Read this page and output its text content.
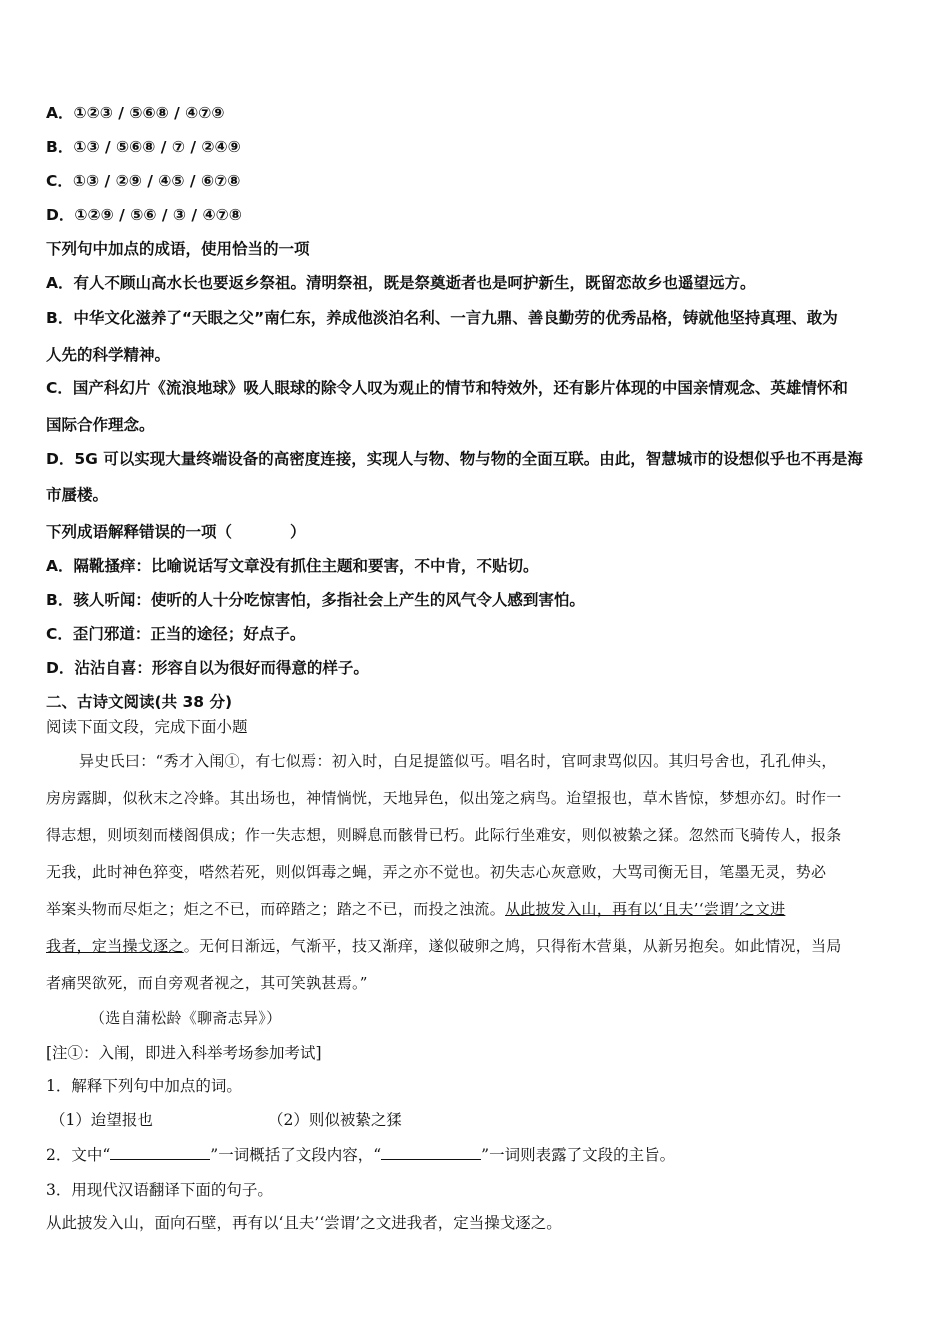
A．①②③ / ⑤⑥⑧ / ④⑦⑨
B．①③ / ⑤⑥⑧ / ⑦ / ②④⑨
C．①③ / ②⑨ / ④⑤ / ⑥⑦⑧
D．①②⑨ / ⑤⑥ / ③ / ④⑦⑧
下列句中加点的成语，使用恰当的一项
A．有人不顾山高水长也要返乡祭祖。清明祭祖，既是祭奠逝者也是呵护新生，既留恋故乡也遥望远方。
B．中华文化滋养了“天眼之父”南仁东，养成他淡泊名利、一言九鼎、善良勤劳的优秀品格，铸就他坚持真理、敢为
人先的科学精神。
C．国产科幻片《流浪地球》吸人眼球的除令人叹为观止的情节和特效外，还有影片体现的中国亲情观念、英雄情怀和
国际合作理念。
D．5G 可以实现大量终端设备的高密度连接，实现人与物、物与物的全面互联。由此，智慧城市的设想似乎也不再是海
市蜃楼。
下列成语解释错误的一项（	）
A．隔靴搔痒：比喻说话写文章没有抓住主题和要害，不中肯，不贴切。
B．骇人听闻：使听的人十分吃惊害怕，多指社会上产生的风气令人感到害怕。
C．歪门邪道：正当的途径；好点子。
D．沾沾自喜：形容自以为很好而得意的样子。
二、古诗文阅读(共 38 分)
阅读下面文段，完成下面小题
异史氏曰：“秀才入闱①，有七似焉：初入时，白足提篮似丐。唱名时，官呵隶骂似囚。其归号舍也，孔孔伸头，
房房露脚，似秋末之冷蜂。其出场也，神情惝恍，天地异色，似出笼之病鸟。迨望报也，草木皆惊，梦想亦幻。时作一
得志想，则顷刻而楼阁俱成；作一失志想，则瞬息而骸骨已朽。此际行坐难安，则似被絷之猱。忽然而飞骑传人，报条
无我，此时神色猝变，嗒然若死，则似饵毒之蝇，弄之亦不觉也。初失志心灰意败，大骂司衡无目，笔墨无灵，势必
举案头物而尽炬之；炬之不已，而碎踏之；踏之不已，而投之浊流。从此披发入山，再有以‘且夫’‘尝谓’之文进
我者，定当操戈逐之。无何日渐远，气渐平，技又渐痒，遂似破卵之鸠，只得衔木营巢，从新另抱矣。如此情况，当局
者痛哭欲死，而自旁观者视之，其可笑孰甚焉。”
（选自蒲松龄《聊斋志异》）
[注①：入闱，即进入科举考场参加考试]
1．解释下列句中加点的词。
（1）迨望报也	（2）则似被絷之猱
2．文中“	”一词概括了文段内容，“	”一词则表露了文段的主旨。
3．用现代汉语翻译下面的句子。
从此披发入山，面向石壁，再有以‘且夫’‘尝谓’之文进我者，定当操戈逐之。
